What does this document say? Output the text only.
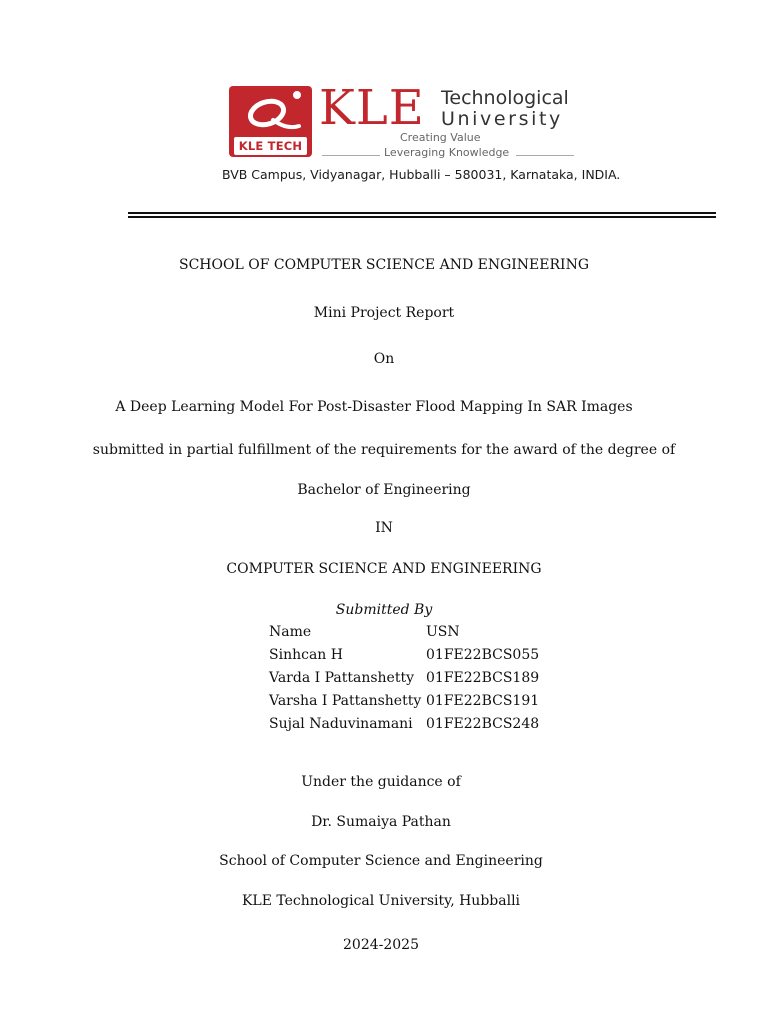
KLE TECH
KLE Technological
University
Creating Value
Leveraging Knowledge
BVB Campus, Vidyanagar, Hubballi – 580031, Karnataka, INDIA.
SCHOOL OF COMPUTER SCIENCE AND ENGINEERING
Mini Project Report
On
A Deep Learning Model For Post-Disaster Flood Mapping In SAR Images
submitted in partial fulfillment of the requirements for the award of the degree of
Bachelor of Engineering
IN
COMPUTER SCIENCE AND ENGINEERING
Submitted By
Name	USN
Sinhcan H	01FE22BCS055
Varda I Pattanshetty 01FE22BCS189
Varsha I Pattanshetty 01FE22BCS191
Sujal Naduvinamani 01FE22BCS248
Under the guidance of
Dr. Sumaiya Pathan
School of Computer Science and Engineering
KLE Technological University, Hubballi
2024-2025
